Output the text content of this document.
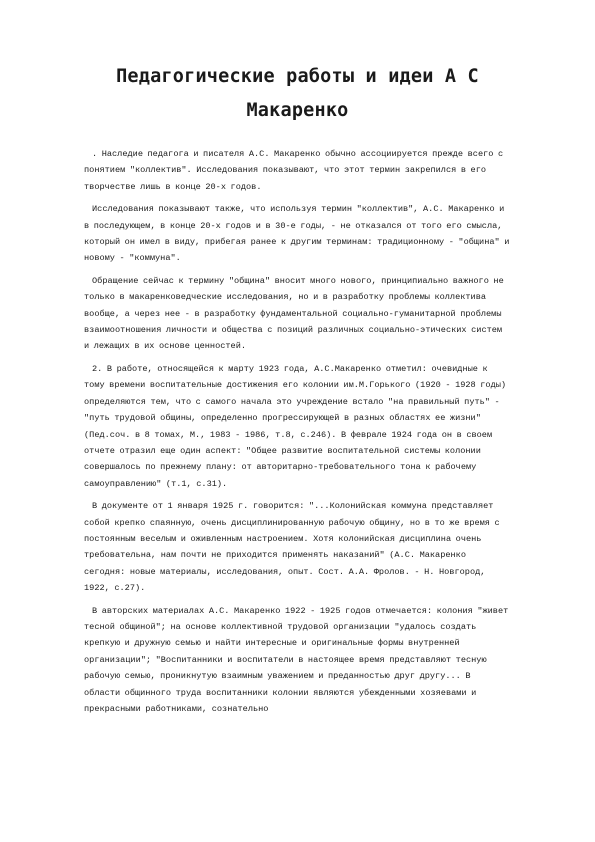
Педагогические работы и идеи А С
Макаренко

. Наследие педагога и писателя А.С. Макаренко обычно ассоциируется прежде всего с понятием "коллектив". Исследования показывают, что этот термин закрепился в его творчестве лишь в конце 20-х годов.

Исследования показывают также, что используя термин "коллектив", А.С. Макаренко и в последующем, в конце 20-х годов и в 30-е годы, - не отказался от того его смысла, который он имел в виду, прибегая ранее к другим терминам: традиционному - "община" и новому - "коммуна".

Обращение сейчас к термину "община" вносит много нового, принципиально важного не только в макаренковедческие исследования, но и в разработку проблемы коллектива вообще, а через нее - в разработку фундаментальной социально-гуманитарной проблемы взаимоотношения личности и общества с позиций различных социально-этических систем и лежащих в их основе ценностей.

2. В работе, относящейся к марту 1923 года, А.С.Макаренко отметил: очевидные к тому времени воспитательные достижения его колонии им.М.Горького (1920 - 1928 годы) определяются тем, что с самого начала это учреждение встало "на правильный путь" -"путь трудовой общины, определенно прогрессирующей в разных областях ее жизни" (Пед.соч. в 8 томах, М., 1983 - 1986, т.8, с.246). В феврале 1924 года он в своем отчете отразил еще один аспект: "Общее развитие воспитательной системы колонии совершалось по прежнему плану: от авторитарно-требовательного тона к рабочему самоуправлению" (т.1, с.31).

В документе от 1 января 1925 г. говорится: "...Колонийская коммуна представляет собой крепко спаянную, очень дисциплинированную рабочую общину, но в то же время с постоянным веселым и оживленным настроением. Хотя колонийская дисциплина очень требовательна, нам почти не приходится применять наказаний" (А.С. Макаренко сегодня: новые материалы, исследования, опыт. Сост. А.А. Фролов. - Н. Новгород, 1922, с.27).

В авторских материалах А.С. Макаренко 1922 - 1925 годов отмечается: колония "живет тесной общиной"; на основе коллективной трудовой организации "удалось создать крепкую и дружную семью и найти интересные и оригинальные формы внутренней организации"; "Воспитанники и воспитатели в настоящее время представляют тесную рабочую семью, проникнутую взаимным уважением и преданностью друг другу... В области общинного труда воспитанники колонии являются убежденными хозяевами и прекрасными работниками, сознательно
